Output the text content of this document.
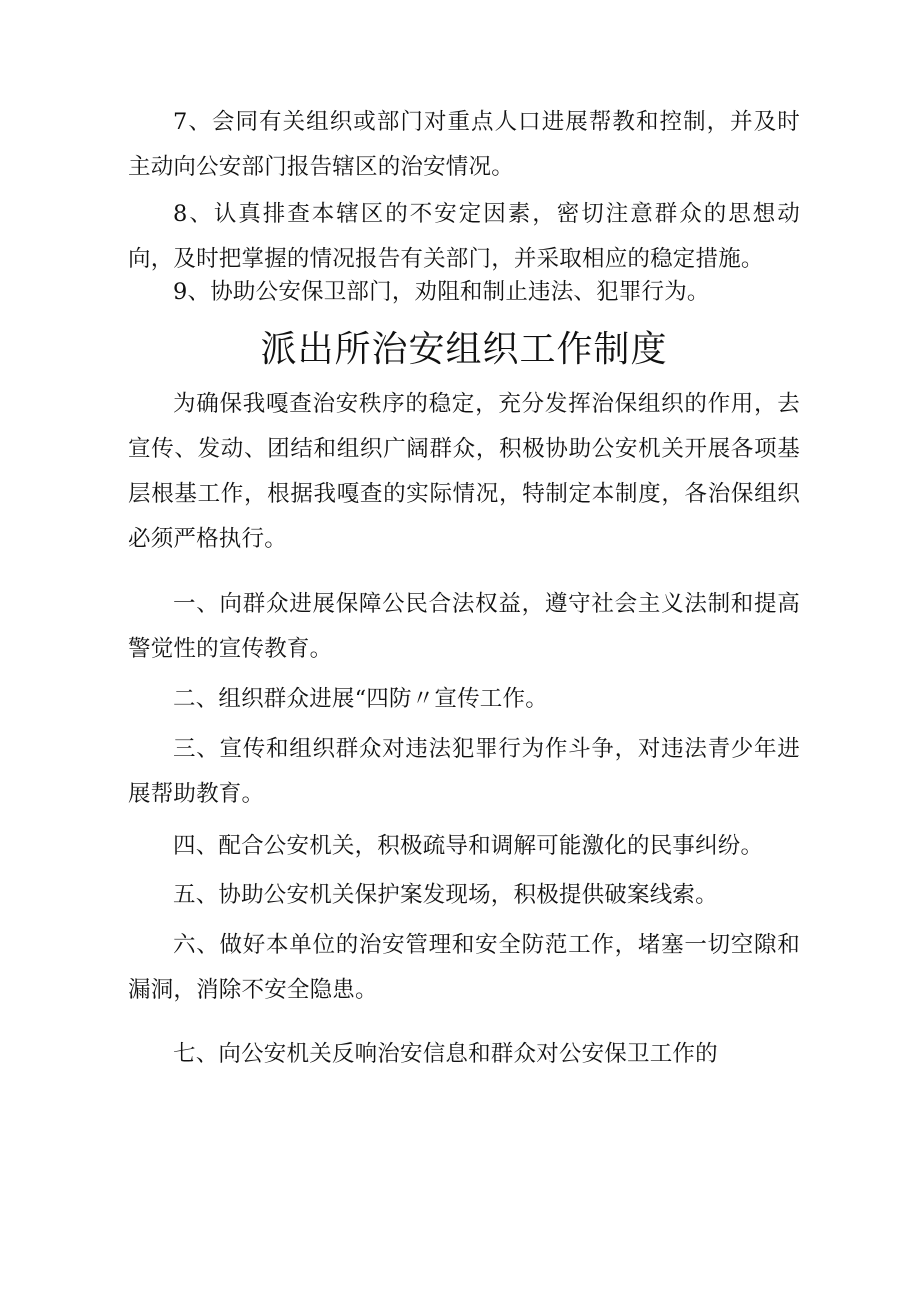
7、会同有关组织或部门对重点人口进展帮教和控制，并及时主动向公安部门报告辖区的治安情况。

8、认真排查本辖区的不安定因素，密切注意群众的思想动向，及时把掌握的情况报告有关部门，并采取相应的稳定措施。

9、协助公安保卫部门，劝阻和制止违法、犯罪行为。

派出所治安组织工作制度

为确保我嘎查治安秩序的稳定，充分发挥治保组织的作用，去宣传、发动、团结和组织广阔群众，积极协助公安机关开展各项基层根基工作，根据我嘎查的实际情况，特制定本制度，各治保组织必须严格执行。

一、向群众进展保障公民合法权益，遵守社会主义法制和提高警觉性的宣传教育。

二、组织群众进展“四防〃宣传工作。

三、宣传和组织群众对违法犯罪行为作斗争，对违法青少年进展帮助教育。

四、配合公安机关，积极疏导和调解可能激化的民事纠纷。

五、协助公安机关保护案发现场，积极提供破案线索。

六、做好本单位的治安管理和安全防范工作，堵塞一切空隙和漏洞，消除不安全隐患。

七、向公安机关反响治安信息和群众对公安保卫工作的
